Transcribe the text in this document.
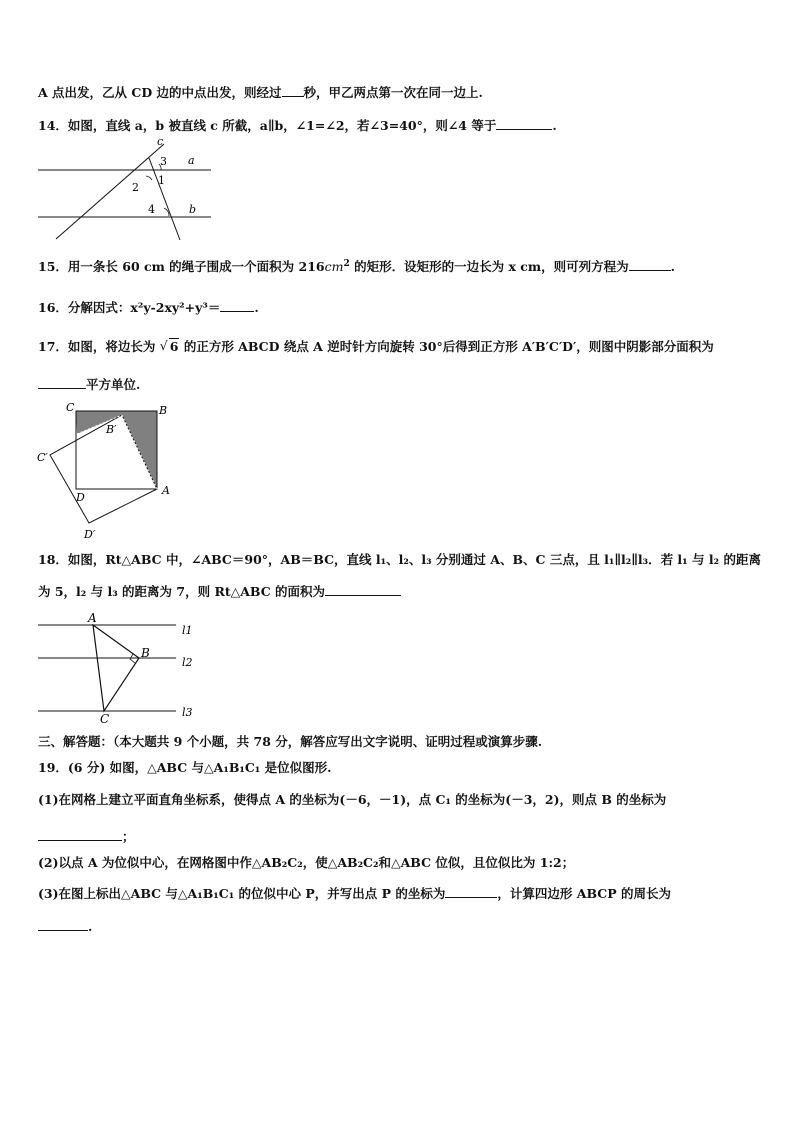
A 点出发，乙从 CD 边的中点出发，则经过 秒，甲乙两点第一次在同一边上.
14．如图，直线 a，b 被直线 c 所截，a∥b，∠1=∠2，若∠3=40°，则∠4 等于	.
c
3 a
1
2
4	b
15．用一条长 60 cm 的绳子围成一个面积为 $216cm^2$ 的矩形．设矩形的一边长为 x cm，则可列方程为	.
16．分解因式：x²y-2xy²+y³＝	.
17．如图，将边长为 √ 6 的正方形 ABCD 绕点 A 逆时针方向旋转 30°后得到正方形 A′B′C′D′，则图中阴影部分面积为
平方单位.
C	B
B′
C′
D
A
D′
18．如图，Rt△ABC 中，∠ABC＝90°，AB＝BC，直线 l₁、l₂、l₃ 分别通过 A、B、C 三点，且 l₁∥l₂∥l₃．若 l₁ 与 l₂ 的距离
为 5，l₂ 与 l₃ 的距离为 7，则 Rt△ABC 的面积为
A
B
C
l1
l2
l3
三、解答题：（本大题共 9 个小题，共 78 分，解答应写出文字说明、证明过程或演算步骤.
19．(6 分) 如图，△ABC 与△A₁B₁C₁ 是位似图形.
(1)在网格上建立平面直角坐标系，使得点 A 的坐标为(－6，－1)，点 C₁ 的坐标为(－3，2)，则点 B 的坐标为
；
(2)以点 A 为位似中心，在网格图中作△AB₂C₂，使△AB₂C₂和△ABC 位似，且位似比为 1:2；
(3)在图上标出△ABC 与△A₁B₁C₁ 的位似中心 P，并写出点 P 的坐标为	，计算四边形 ABCP 的周长为
.
